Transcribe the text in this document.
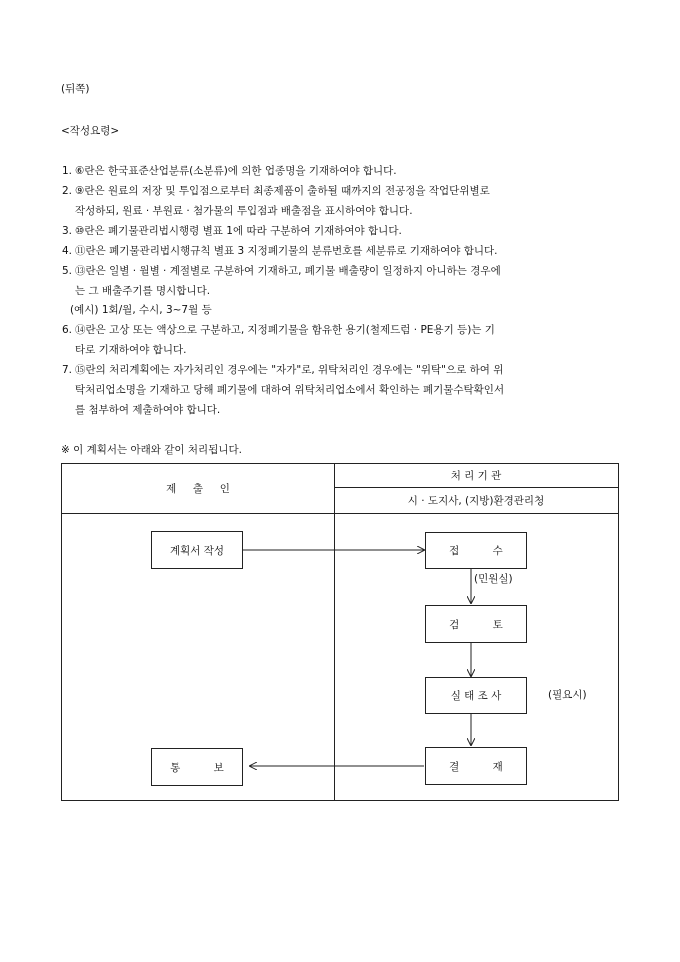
(뒤쪽)
<작성요령>
1. ⑥란은 한국표준산업분류(소분류)에 의한 업종명을 기재하여야 합니다.
2. ⑨란은 원료의 저장 및 투입점으로부터 최종제품이 출하될 때까지의 전공정을 작업단위별로
작성하되, 원료 · 부원료 · 첨가물의 투입점과 배출점을 표시하여야 합니다.
3. ⑩란은 폐기물관리법시행령 별표 1에 따라 구분하여 기재하여야 합니다.
4. ⑪란은 폐기물관리법시행규칙 별표 3 지정폐기물의 분류번호를 세분류로 기재하여야 합니다.
5. ⑬란은 일별 · 월별 · 계절별로 구분하여 기재하고, 폐기물 배출량이 일정하지 아니하는 경우에
는 그 배출주기를 명시합니다.
(예시) 1회/월, 수시, 3~7월 등
6. ⑭란은 고상 또는 액상으로 구분하고, 지정폐기물을 함유한 용기(철제드럼 · PE용기 등)는 기
타로 기재하여야 합니다.
7. ⑮란의 처리계획에는 자가처리인 경우에는 "자가"로, 위탁처리인 경우에는 "위탁"으로 하여 위
탁처리업소명을 기재하고 당해 폐기물에 대하여 위탁처리업소에서 확인하는 폐기물수탁확인서
를 첨부하여 제출하여야 합니다.
※ 이 계획서는 아래와 같이 처리됩니다.
제     출     인
처 리 기 관
시 · 도지사, (지방)환경관리청
계획서 작성
통          보
접          수
(민원실)
검          토
실 태 조 사	(필요시)
결          재
